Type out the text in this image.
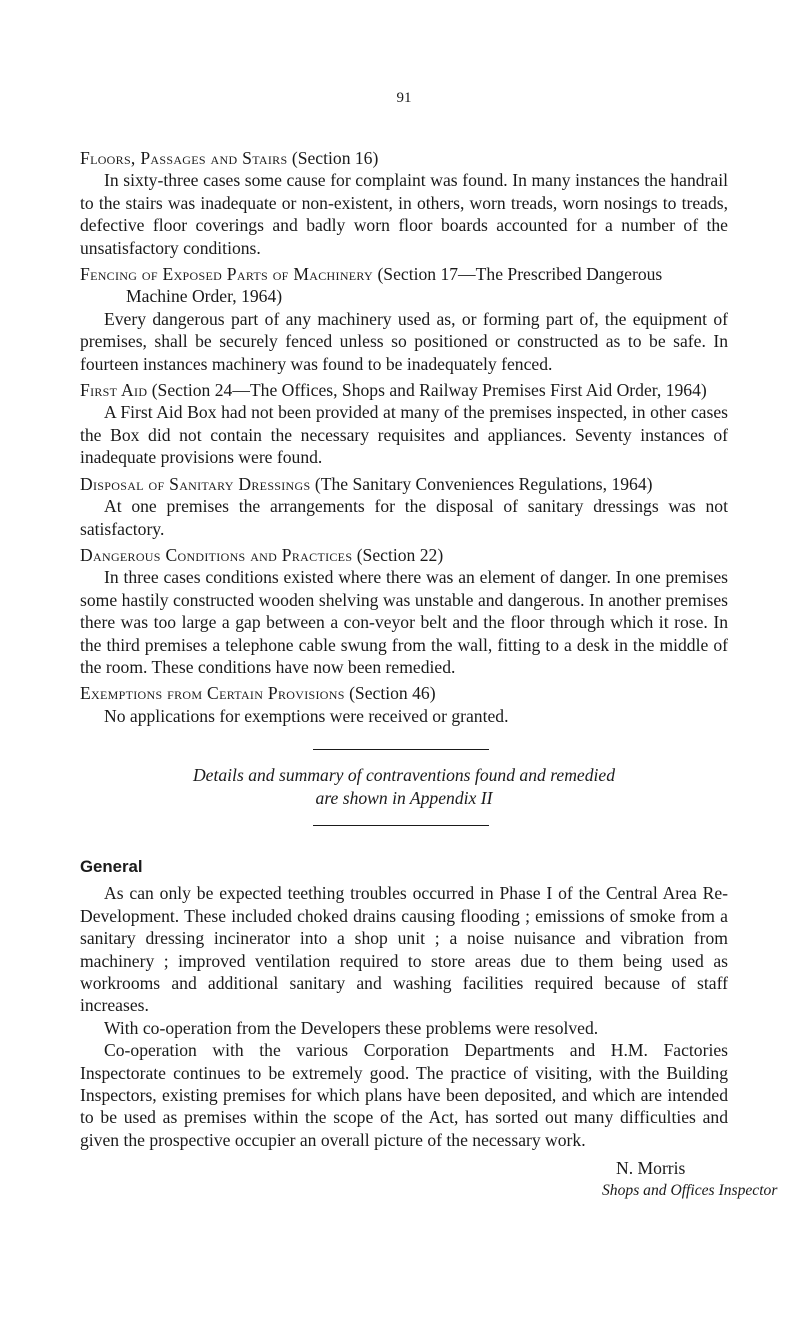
91

Floors, Passages and Stairs (Section 16)

In sixty-three cases some cause for complaint was found. In many instances the handrail to the stairs was inadequate or non-existent, in others, worn treads, worn nosings to treads, defective floor coverings and badly worn floor boards accounted for a number of the unsatisfactory conditions.

Fencing of Exposed Parts of Machinery (Section 17—The Prescribed Dangerous Machine Order, 1964)

Every dangerous part of any machinery used as, or forming part of, the equipment of premises, shall be securely fenced unless so positioned or constructed as to be safe. In fourteen instances machinery was found to be inadequately fenced.

First Aid (Section 24—The Offices, Shops and Railway Premises First Aid Order, 1964)

A First Aid Box had not been provided at many of the premises inspected, in other cases the Box did not contain the necessary requisites and appliances. Seventy instances of inadequate provisions were found.

Disposal of Sanitary Dressings (The Sanitary Conveniences Regulations, 1964)

At one premises the arrangements for the disposal of sanitary dressings was not satisfactory.

Dangerous Conditions and Practices (Section 22)

In three cases conditions existed where there was an element of danger. In one premises some hastily constructed wooden shelving was unstable and dangerous. In another premises there was too large a gap between a con-veyor belt and the floor through which it rose. In the third premises a telephone cable swung from the wall, fitting to a desk in the middle of the room. These conditions have now been remedied.

Exemptions from Certain Provisions (Section 46)

No applications for exemptions were received or granted.

Details and summary of contraventions found and remedied

are shown in Appendix II

General

As can only be expected teething troubles occurred in Phase I of the Central Area Re-Development. These included choked drains causing flooding ; emissions of smoke from a sanitary dressing incinerator into a shop unit ; a noise nuisance and vibration from machinery ; improved ventilation required to store areas due to them being used as workrooms and additional sanitary and washing facilities required because of staff increases.

With co-operation from the Developers these problems were resolved.

Co-operation with the various Corporation Departments and H.M. Factories Inspectorate continues to be extremely good. The practice of visiting, with the Building Inspectors, existing premises for which plans have been deposited, and which are intended to be used as premises within the scope of the Act, has sorted out many difficulties and given the prospective occupier an overall picture of the necessary work.

N. Morris
Shops and Offices Inspector
